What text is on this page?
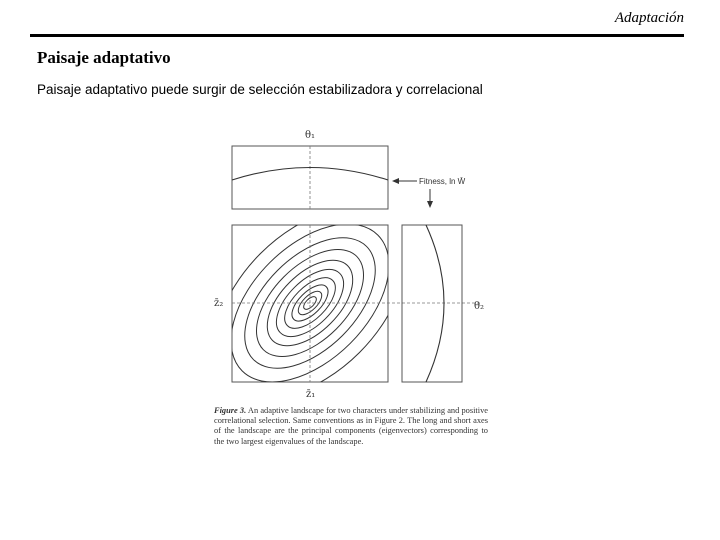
Adaptación
Paisaje adaptativo
Paisaje adaptativo puede surgir de selección estabilizadora y correlacional
θ₁
Fitness, ln W̄
z̄₂	θ₂
z̄₁
Figure 3. An adaptive landscape for two characters under stabilizing and positive correlational selection. Same conventions as in Figure 2. The long and short axes of the landscape are the principal components (eigenvectors) corresponding to the two largest eigenvalues of the landscape.
